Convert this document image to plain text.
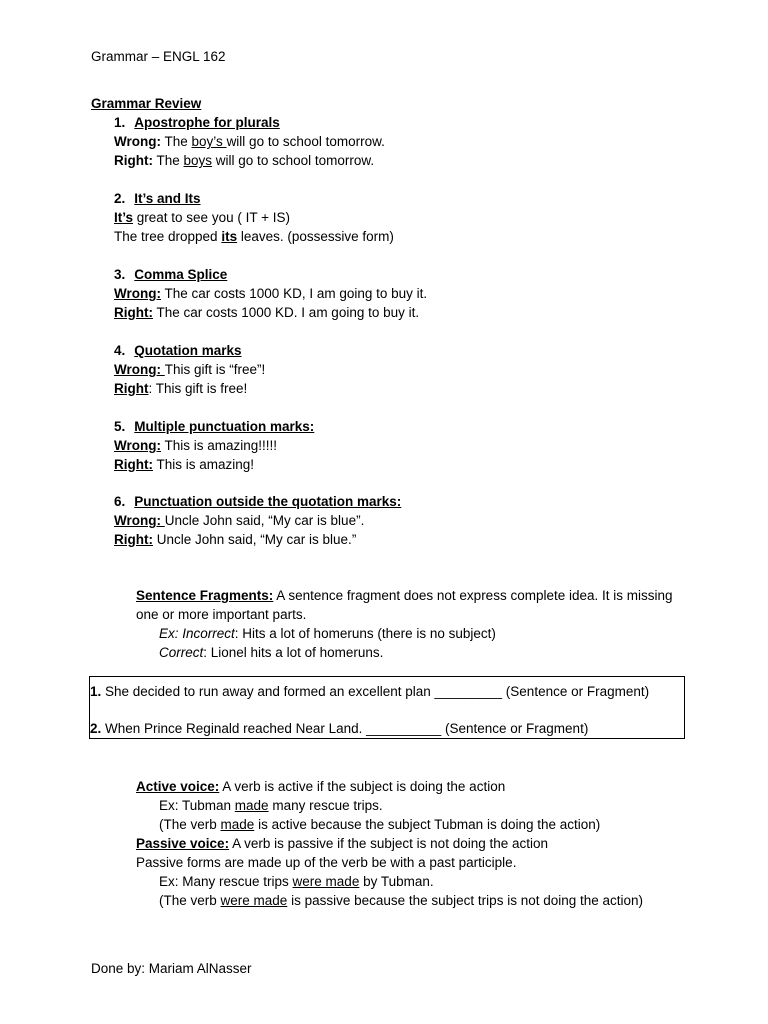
Grammar – ENGL 162
Grammar Review
1. Apostrophe for plurals
Wrong: The boy’s will go to school tomorrow.
Right: The boys will go to school tomorrow.
2. It’s and Its
It’s great to see you ( IT + IS)
The tree dropped its leaves. (possessive form)
3. Comma Splice
Wrong: The car costs 1000 KD, I am going to buy it.
Right: The car costs 1000 KD. I am going to buy it.
4. Quotation marks
Wrong: This gift is “free”!
Right: This gift is free!
5. Multiple punctuation marks:
Wrong: This is amazing!!!!!
Right: This is amazing!
6. Punctuation outside the quotation marks:
Wrong: Uncle John said, “My car is blue”.
Right: Uncle John said, “My car is blue.”
Sentence Fragments: A sentence fragment does not express complete idea. It is missing
one or more important parts.
Ex: Incorrect: Hits a lot of homeruns (there is no subject)
Correct: Lionel hits a lot of homeruns.
1. She decided to run away and formed an excellent plan _________ (Sentence or Fragment)
2. When Prince Reginald reached Near Land. __________ (Sentence or Fragment)
Active voice: A verb is active if the subject is doing the action
Ex: Tubman made many rescue trips.
(The verb made is active because the subject Tubman is doing the action)
Passive voice: A verb is passive if the subject is not doing the action
Passive forms are made up of the verb be with a past participle.
Ex: Many rescue trips were made by Tubman.
(The verb were made is passive because the subject trips is not doing the action)
Done by: Mariam AlNasser
